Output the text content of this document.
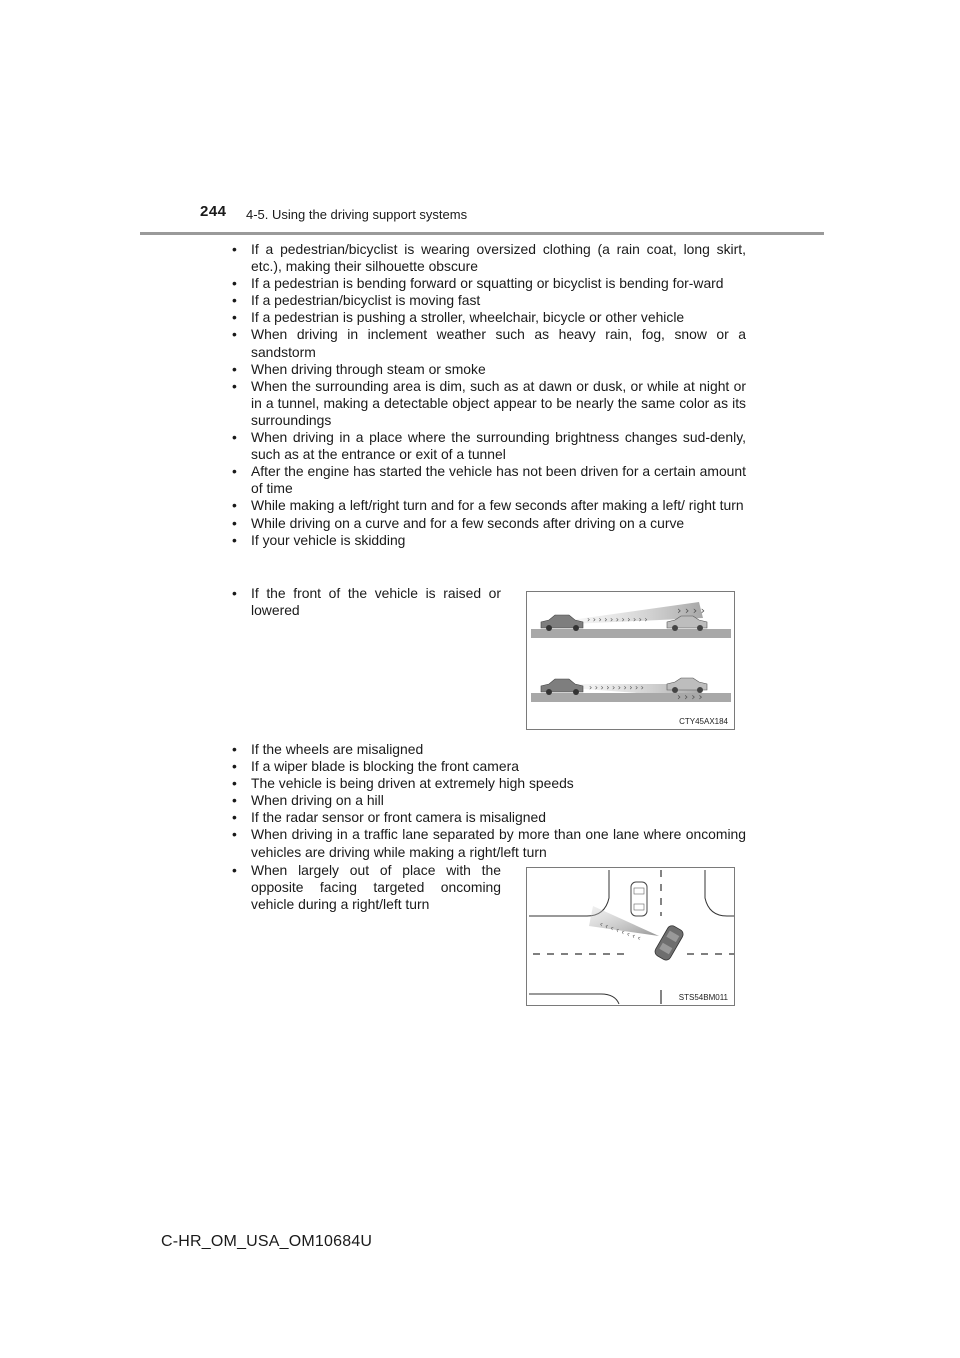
244 4-5. Using the driving support systems
• If a pedestrian/bicyclist is wearing oversized clothing (a rain coat, long skirt, etc.), making their silhouette obscure
• If a pedestrian is bending forward or squatting or bicyclist is bending for-ward
• If a pedestrian/bicyclist is moving fast
• If a pedestrian is pushing a stroller, wheelchair, bicycle or other vehicle
• When driving in inclement weather such as heavy rain, fog, snow or a sandstorm
• When driving through steam or smoke
• When the surrounding area is dim, such as at dawn or dusk, or while at night or in a tunnel, making a detectable object appear to be nearly the same color as its surroundings
• When driving in a place where the surrounding brightness changes sud-denly, such as at the entrance or exit of a tunnel
• After the engine has started the vehicle has not been driven for a certain amount of time
• While making a left/right turn and for a few seconds after making a left/ right turn
• While driving on a curve and for a few seconds after driving on a curve
• If your vehicle is skidding
• If the front of the vehicle is raised or lowered
› › › › › › › › › › ›
› › › ›
› › › › › › › › › ›
› › › ›
CTY45AX184
• If the wheels are misaligned
• If a wiper blade is blocking the front camera
• The vehicle is being driven at extremely high speeds
• When driving on a hill
• If the radar sensor or front camera is misaligned
• When driving in a traffic lane separated by more than one lane where oncoming vehicles are driving while making a right/left turn
• When largely out of place with the opposite facing targeted oncoming vehicle during a right/left turn
‹ ‹ ‹ ‹ ‹ ‹ ‹ ‹
STS54BM011
C-HR_OM_USA_OM10684U
